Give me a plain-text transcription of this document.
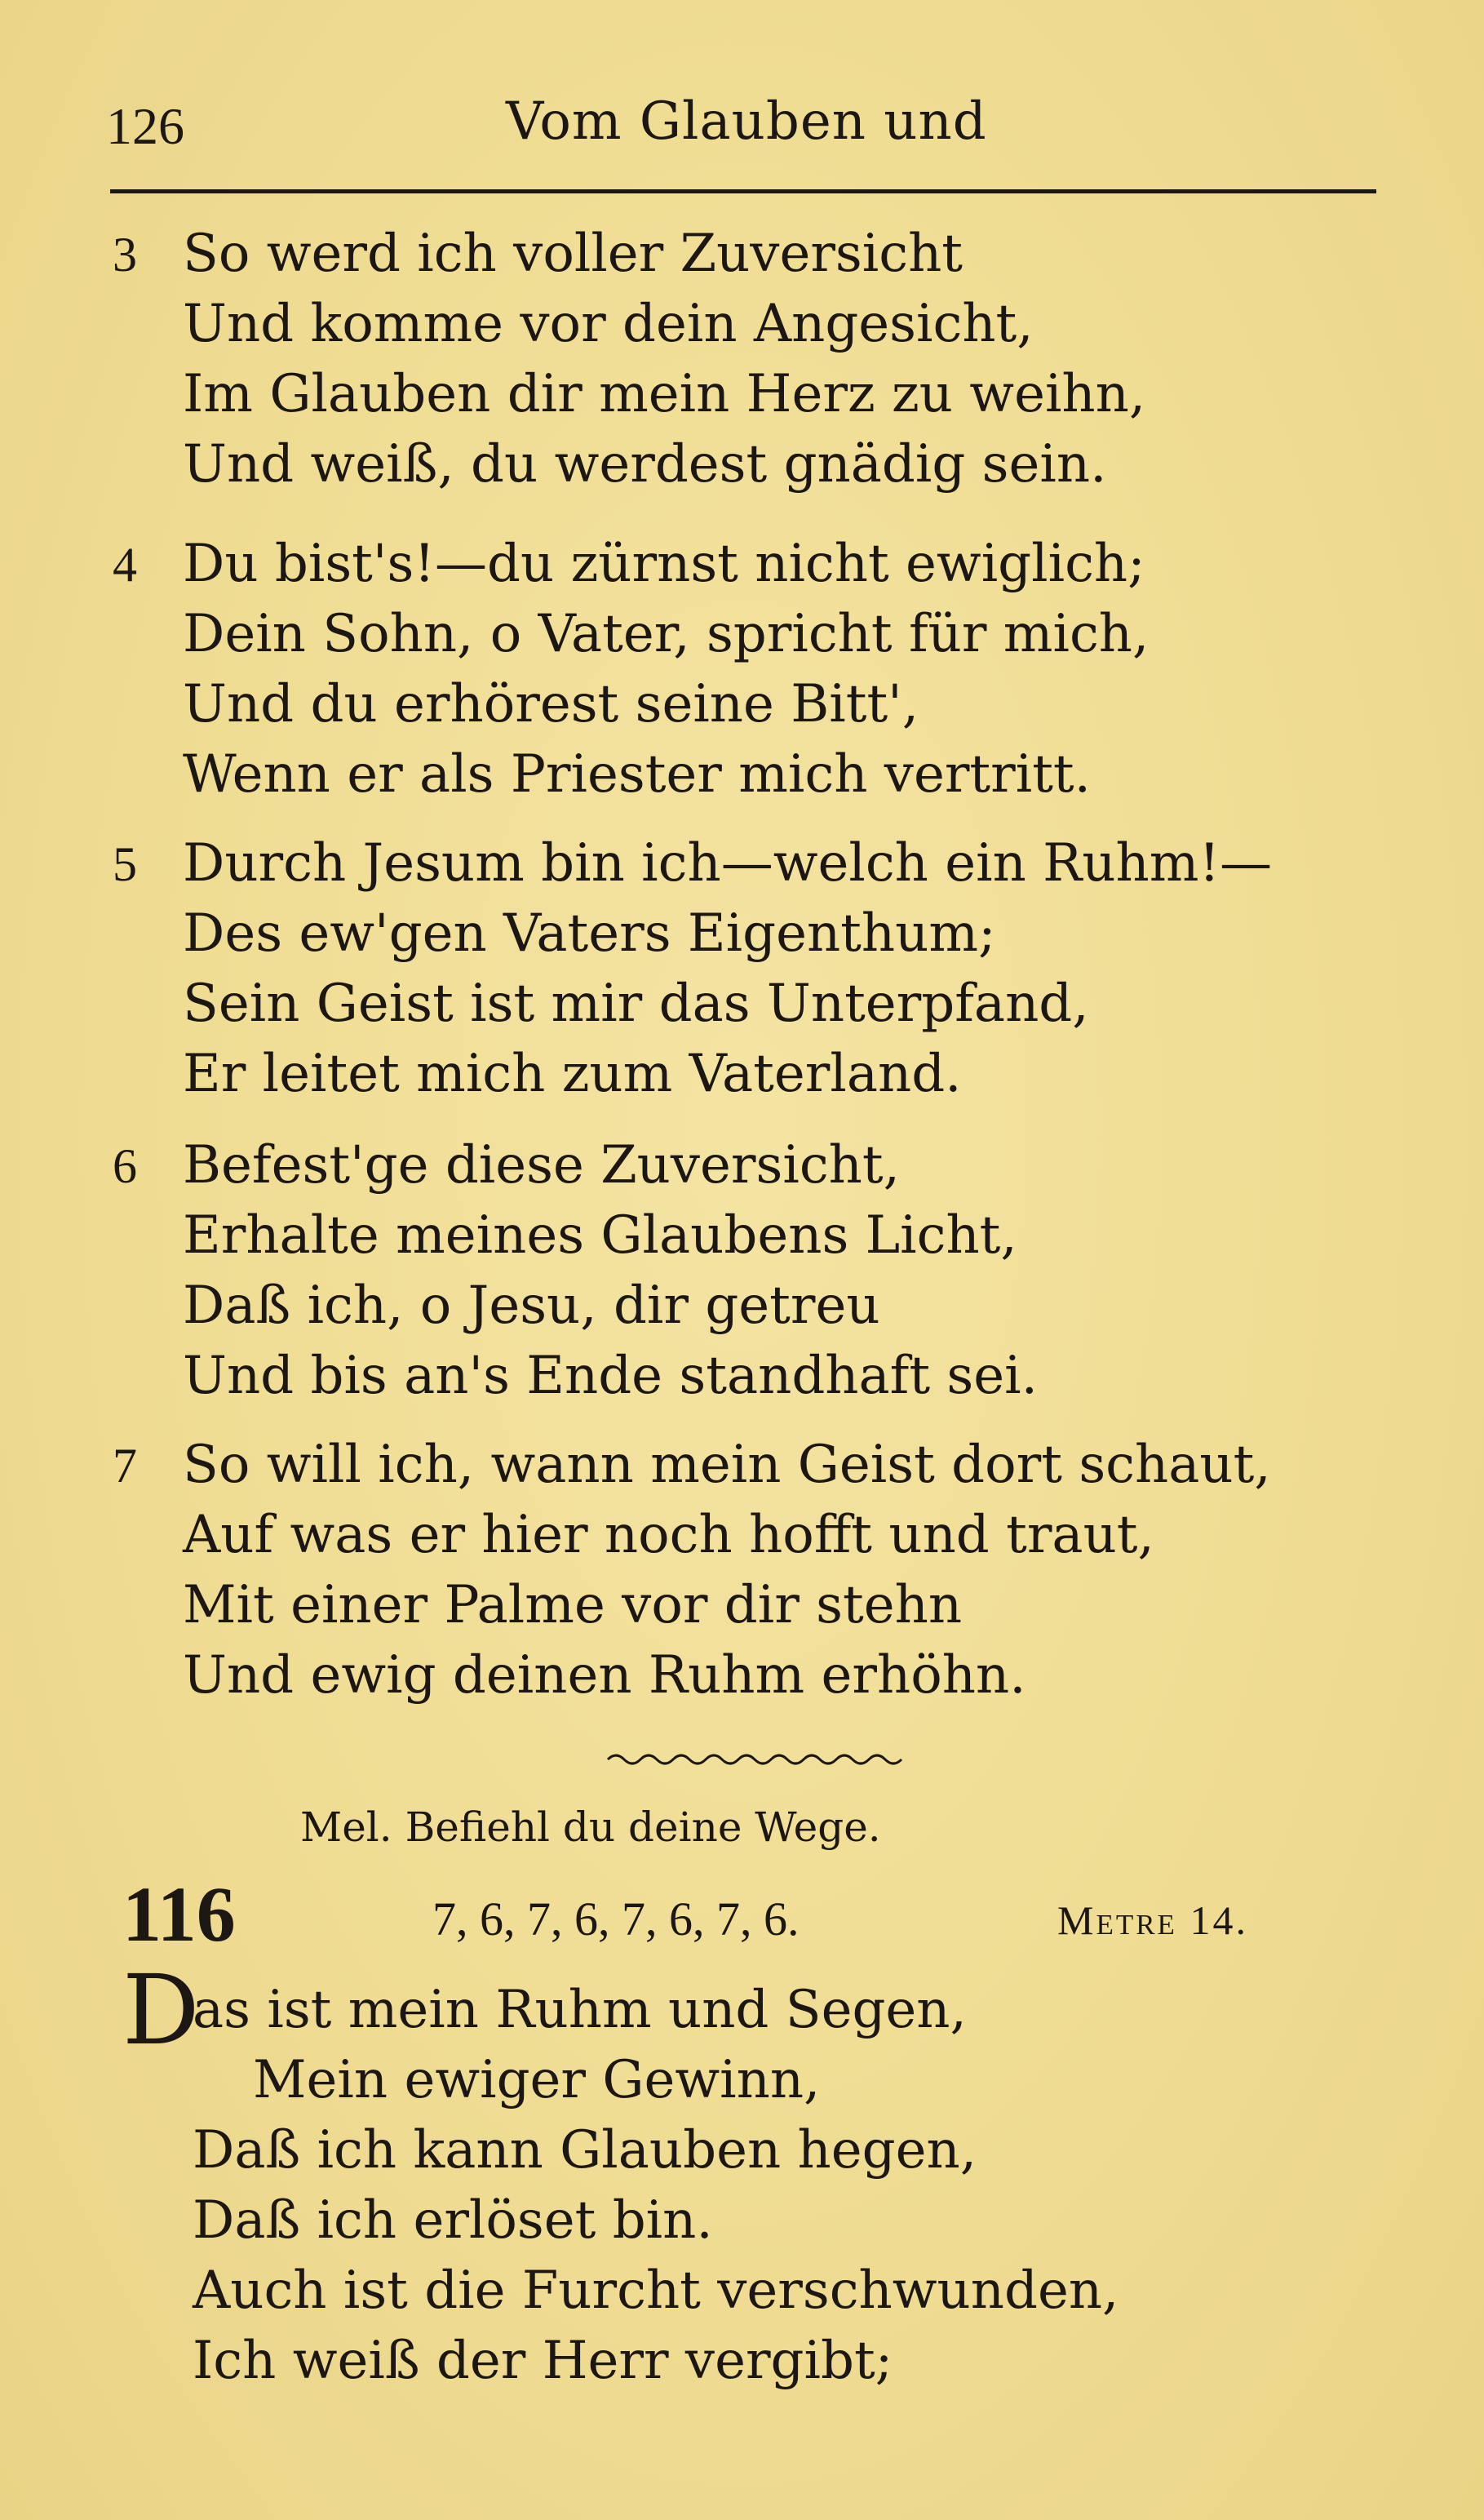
126	Vom Glauben und
3 So werd ich voller Zuversicht
Und komme vor dein Angesicht,
Im Glauben dir mein Herz zu weihn,
Und weiß, du werdest gnädig sein.
4 Du bist's!—du zürnst nicht ewiglich;
Dein Sohn, o Vater, spricht für mich,
Und du erhörest seine Bitt',
Wenn er als Priester mich vertritt.
5 Durch Jesum bin ich—welch ein Ruhm!—
Des ew'gen Vaters Eigenthum;
Sein Geist ist mir das Unterpfand,
Er leitet mich zum Vaterland.
6 Befest'ge diese Zuversicht,
Erhalte meines Glaubens Licht,
Daß ich, o Jesu, dir getreu
Und bis an's Ende standhaft sei.
7 So will ich, wann mein Geist dort schaut,
Auf was er hier noch hofft und traut,
Mit einer Palme vor dir stehn
Und ewig deinen Ruhm erhöhn.
Mel. Befiehl du deine Wege.
116	7, 6, 7, 6, 7, 6, 7, 6.	Metre 14.
Das ist mein Ruhm und Segen,
Mein ewiger Gewinn,
Daß ich kann Glauben hegen,
Daß ich erlöset bin.
Auch ist die Furcht verschwunden,
Ich weiß der Herr vergibt;
